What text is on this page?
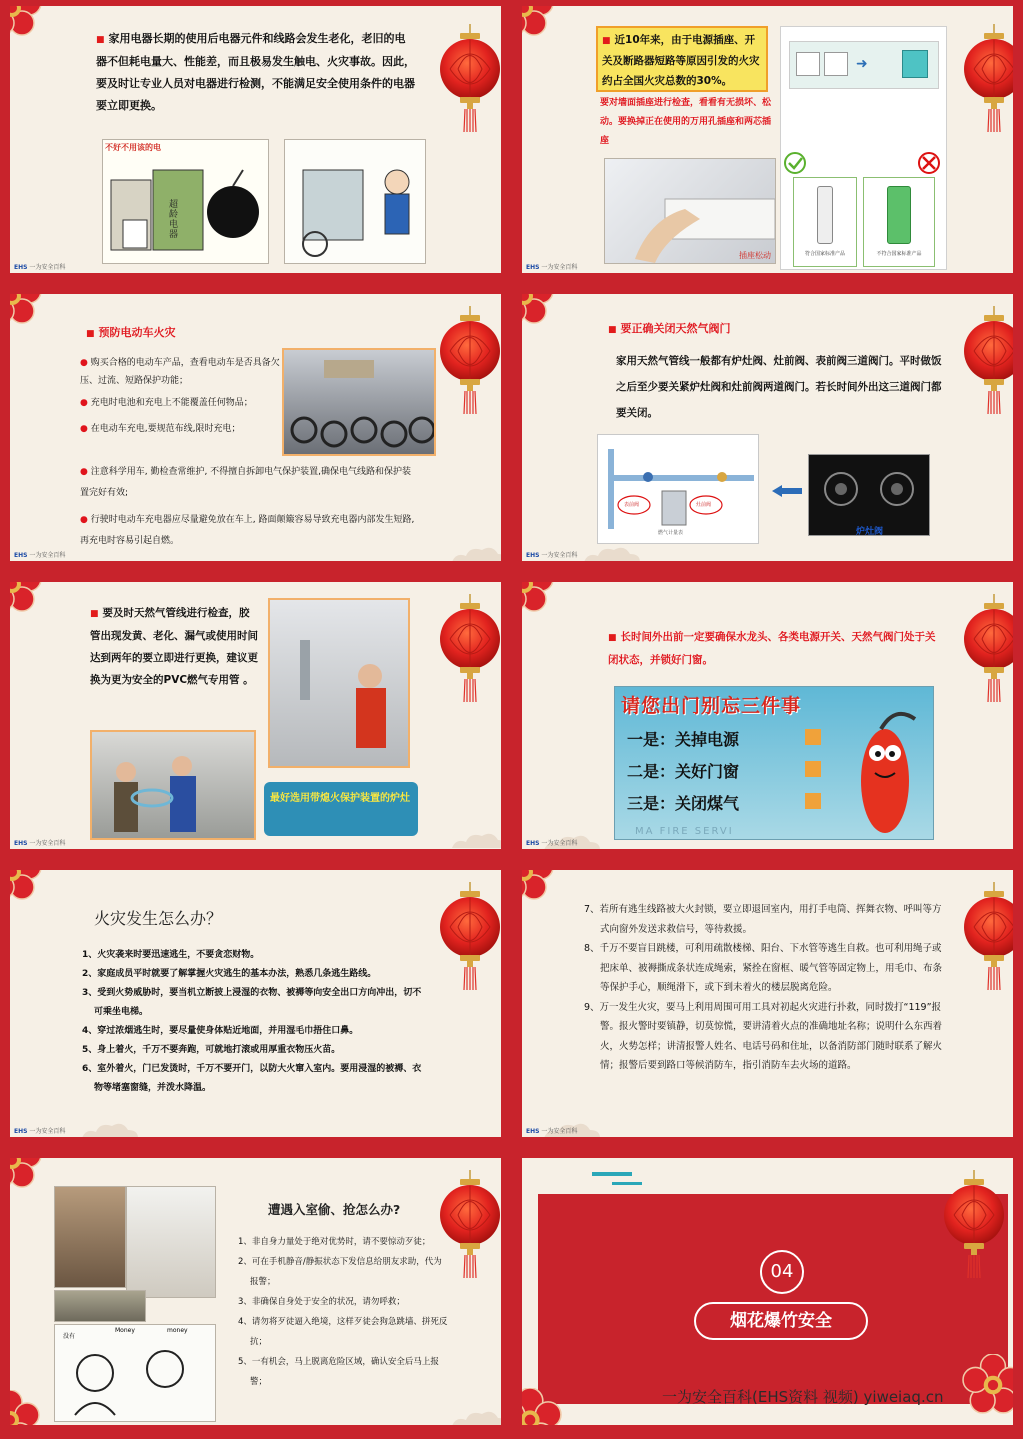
■ 家用电器长期的使用后电器元件和线路会发生老化，老旧的电器不但耗电量大、性能差，而且极易发生触电、火灾事故。因此，要及时让专业人员对电器进行检测，不能满足安全使用条件的电器要立即更换。
不好不用该的电
超龄电器
EHS 一为安全百科
■ 近10年来，由于电源插座、开关及断路器短路等原因引发的火灾约占全国火灾总数的30%。
要对墙面插座进行检查，看看有无损坏、松动。要换掉正在使用的万用孔插座和两芯插座
插座松动
➜
符合国家标准产品	不符合国家标准产品
EHS 一为安全百科
■ 预防电动车火灾
● 购买合格的电动车产品，查看电动车是否具备欠压、过流、短路保护功能；
● 充电时电池和充电上不能覆盖任何物品；
● 在电动车充电,要规范布线,限时充电；
● 注意科学用车, 勤检查常维护, 不得擅自拆卸电气保护装置,确保电气线路和保护装置完好有效;
● 行驶时电动车充电器应尽量避免放在车上, 路面颠簸容易导致充电器内部发生短路,再充电时容易引起自燃。
EHS 一为安全百科
■ 要正确关闭天然气阀门
家用天然气管线一般都有炉灶阀、灶前阀、表前阀三道阀门。平时做饭之后至少要关紧炉灶阀和灶前阀两道阀门。若长时间外出这三道阀门都要关闭。
表前阀	灶前阀
燃气计量表	炉灶阀
EHS 一为安全百科
■ 要及时天然气管线进行检查，胶管出现发黄、老化、漏气或使用时间达到两年的要立即进行更换，建议更换为更为安全的PVC燃气专用管 。
最好选用带熄火保护装置的炉灶
EHS 一为安全百科
■ 长时间外出前一定要确保水龙头、各类电源开关、天然气阀门处于关闭状态，并锁好门窗。
请您出门别忘三件事
一是：关掉电源
二是：关好门窗
三是：关闭煤气
MA FIRE SERVI
EHS 一为安全百科
火灾发生怎么办？
1、火灾袭来时要迅速逃生，不要贪恋财物。
2、家庭成员平时就要了解掌握火灾逃生的基本办法，熟悉几条逃生路线。
3、受到火势威胁时，要当机立断披上浸湿的衣物、被褥等向安全出口方向冲出，切不可乘坐电梯。
4、穿过浓烟逃生时，要尽量使身体贴近地面，并用湿毛巾捂住口鼻。
5、身上着火，千万不要奔跑，可就地打滚或用厚重衣物压火苗。
6、室外着火，门已发烫时，千万不要开门，以防大火窜入室内。要用浸湿的被褥、衣物等堵塞窗缝，并泼水降温。
EHS 一为安全百科
7、若所有逃生线路被大火封锁，要立即退回室内，用打手电筒、挥舞衣物、呼叫等方式向窗外发送求救信号，等待救援。
8、千万不要盲目跳楼，可利用疏散楼梯、阳台、下水管等逃生自救。也可利用绳子或把床单、被褥撕成条状连成绳索，紧拴在窗框、暖气管等固定物上，用毛巾、布条等保护手心，顺绳滑下，或下到未着火的楼层脱离危险。
9、万一发生火灾，要马上利用周围可用工具对初起火灾进行扑救，同时拨打“119”报警。报火警时要镇静，切莫惊慌，要讲清着火点的准确地址名称；说明什么东西着火，火势怎样；讲清报警人姓名、电话号码和住址，以备消防部门随时联系了解火情；报警后要到路口等候消防车，指引消防车去火场的道路。
EHS 一为安全百科
Money	money
没有
遭遇入室偷、抢怎么办?
1、非自身力量处于绝对优势时，请不要惊动歹徒；
2、可在手机静音/静振状态下发信息给朋友求助，代为报警；
3、非确保自身处于安全的状况，请勿呼救；
4、请勿将歹徒逼入绝境，这样歹徒会狗急跳墙、拼死反抗；
5、一有机会，马上脱离危险区域，确认安全后马上报警；
04
烟花爆竹安全
一为安全百科(EHS资料 视频) yiweiaq.cn
